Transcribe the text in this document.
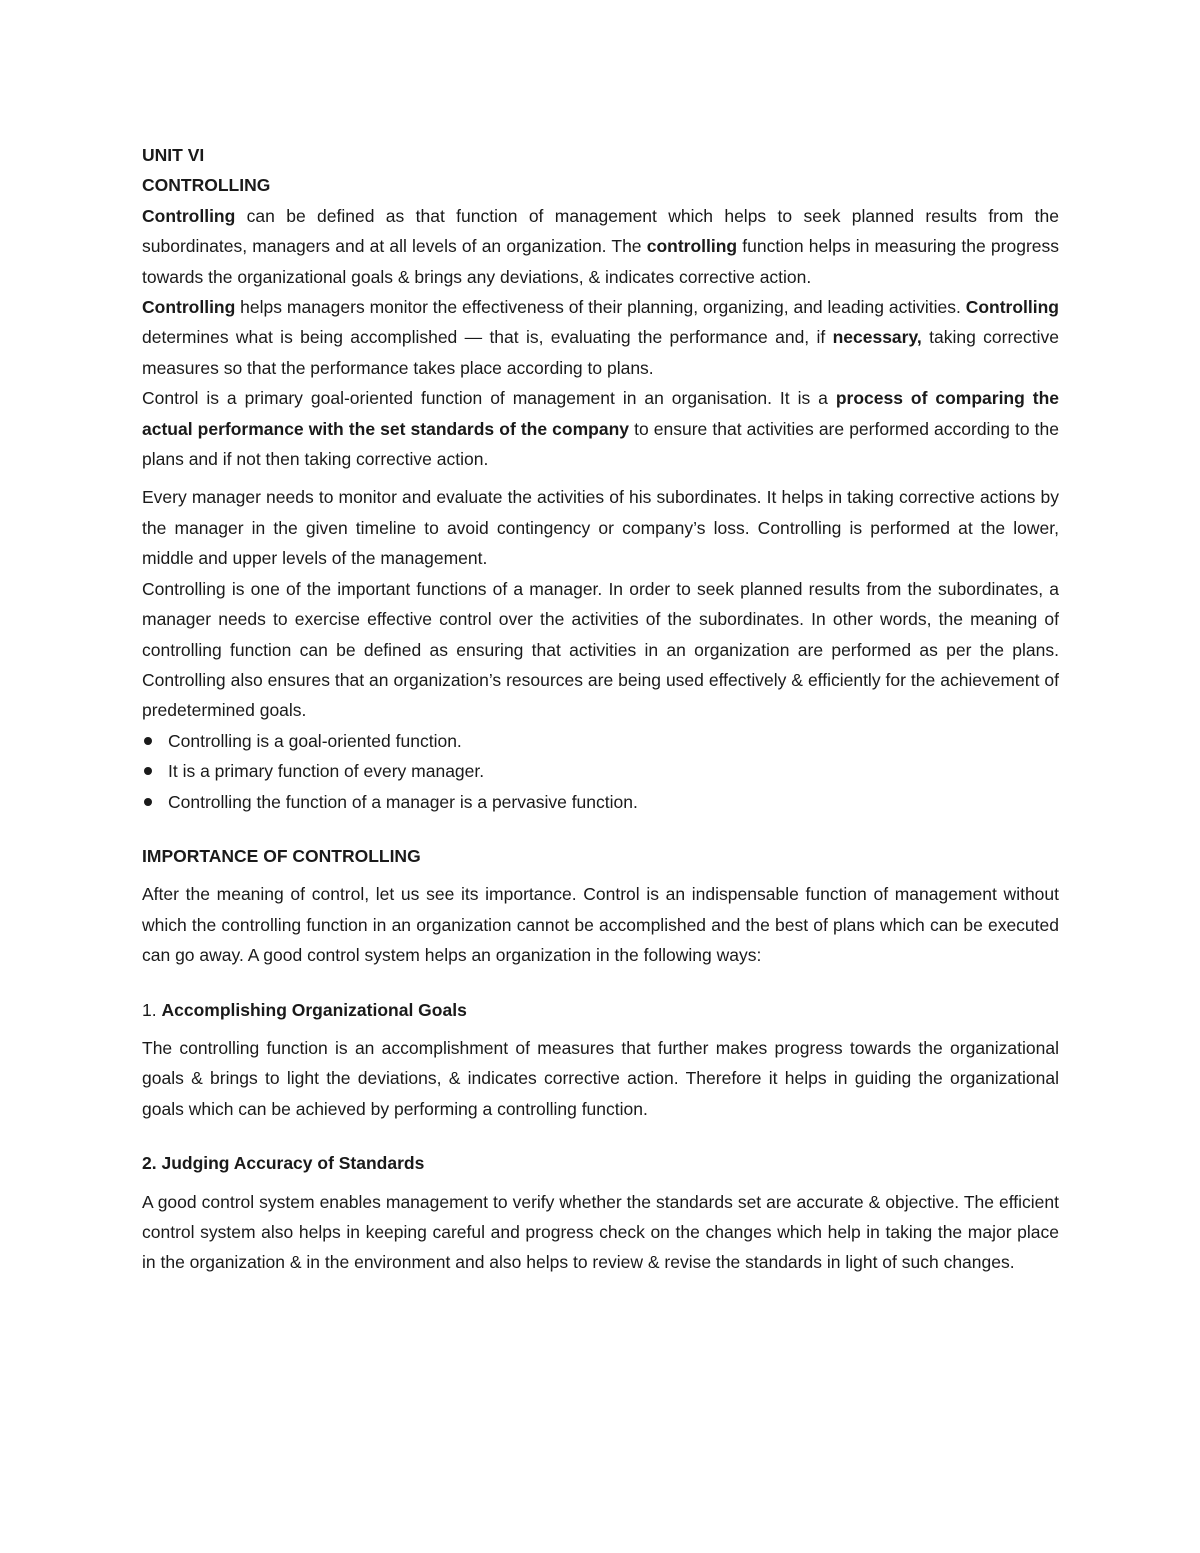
UNIT VI

CONTROLLING

Controlling can be defined as that function of management which helps to seek planned results from the subordinates, managers and at all levels of an organization. The controlling function helps in measuring the progress towards the organizational goals & brings any deviations, & indicates corrective action.

Controlling helps managers monitor the effectiveness of their planning, organizing, and leading activities. Controlling determines what is being accomplished — that is, evaluating the performance and, if necessary, taking corrective measures so that the performance takes place according to plans.

Control is a primary goal-oriented function of management in an organisation. It is a process of comparing the actual performance with the set standards of the company to ensure that activities are performed according to the plans and if not then taking corrective action.

Every manager needs to monitor and evaluate the activities of his subordinates. It helps in taking corrective actions by the manager in the given timeline to avoid contingency or company’s loss. Controlling is performed at the lower, middle and upper levels of the management.

Controlling is one of the important functions of a manager. In order to seek planned results from the subordinates, a manager needs to exercise effective control over the activities of the subordinates. In other words, the meaning of controlling function can be defined as ensuring that activities in an organization are performed as per the plans. Controlling also ensures that an organization’s resources are being used effectively & efficiently for the achievement of predetermined goals.

Controlling is a goal-oriented function.
It is a primary function of every manager.
Controlling the function of a manager is a pervasive function.

IMPORTANCE OF CONTROLLING

After the meaning of control, let us see its importance. Control is an indispensable function of management without which the controlling function in an organization cannot be accomplished and the best of plans which can be executed can go away. A good control system helps an organization in the following ways:

1. Accomplishing Organizational Goals

The controlling function is an accomplishment of measures that further makes progress towards the organizational goals & brings to light the deviations, & indicates corrective action. Therefore it helps in guiding the organizational goals which can be achieved by performing a controlling function.

2. Judging Accuracy of Standards

A good control system enables management to verify whether the standards set are accurate & objective. The efficient control system also helps in keeping careful and progress check on the changes which help in taking the major place in the organization & in the environment and also helps to review & revise the standards in light of such changes.
